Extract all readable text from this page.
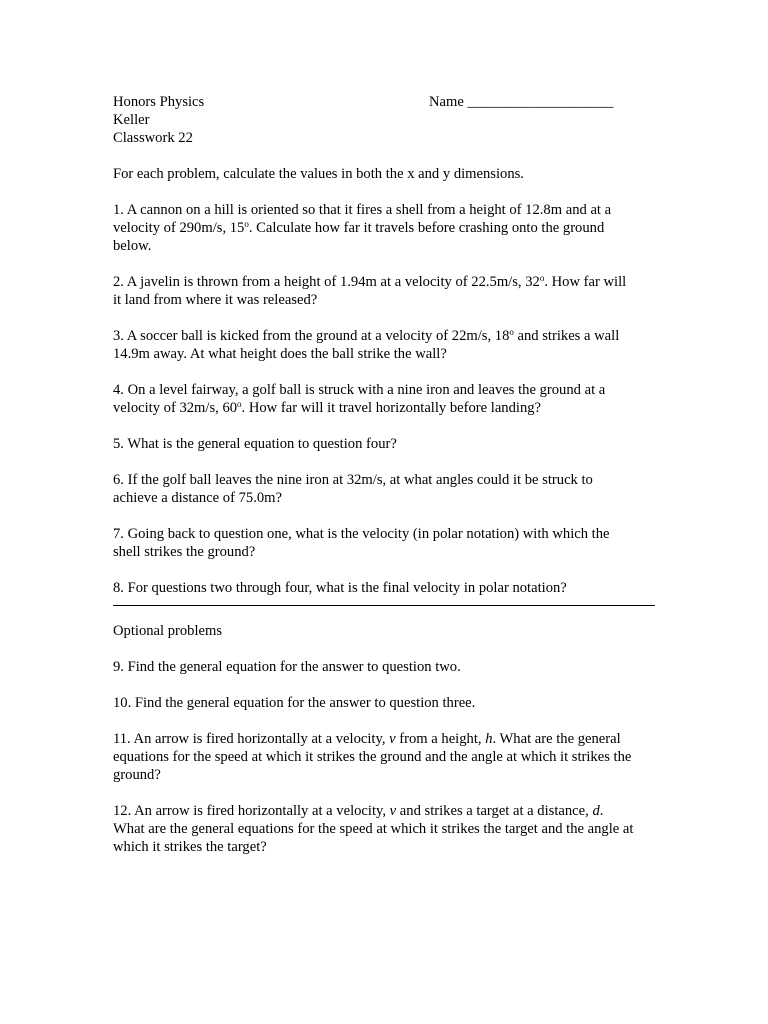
Honors Physics	Name ____________________
Keller
Classwork 22
For each problem, calculate the values in both the x and y dimensions.
1. A cannon on a hill is oriented so that it fires a shell from a height of 12.8m and at a
velocity of 290m/s, 15$^o$. Calculate how far it travels before crashing onto the ground
below.
2. A javelin is thrown from a height of 1.94m at a velocity of 22.5m/s, 32$^o$. How far will
it land from where it was released?
3. A soccer ball is kicked from the ground at a velocity of 22m/s, 18$^o$ and strikes a wall
14.9m away. At what height does the ball strike the wall?
4. On a level fairway, a golf ball is struck with a nine iron and leaves the ground at a
velocity of 32m/s, 60$^o$. How far will it travel horizontally before landing?
5. What is the general equation to question four?
6. If the golf ball leaves the nine iron at 32m/s, at what angles could it be struck to
achieve a distance of 75.0m?
7. Going back to question one, what is the velocity (in polar notation) with which the
shell strikes the ground?
8. For questions two through four, what is the final velocity in polar notation?
Optional problems
9. Find the general equation for the answer to question two.
10. Find the general equation for the answer to question three.
11. An arrow is fired horizontally at a velocity, v from a height, h. What are the general
equations for the speed at which it strikes the ground and the angle at which it strikes the
ground?
12. An arrow is fired horizontally at a velocity, v and strikes a target at a distance, d.
What are the general equations for the speed at which it strikes the target and the angle at
which it strikes the target?
